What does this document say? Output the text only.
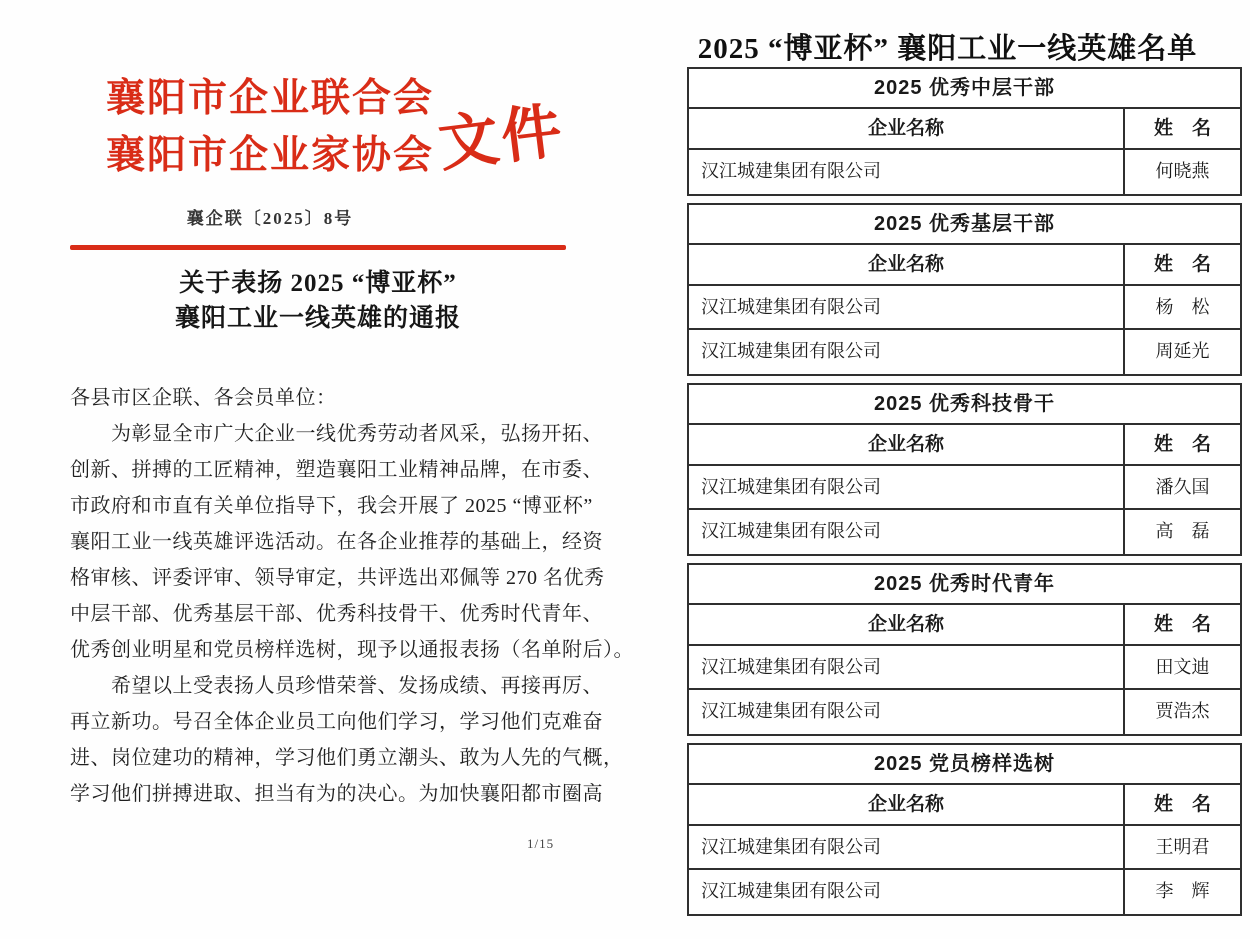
襄阳市企业联合会
襄阳市企业家协会 文件
襄企联〔2025〕8号
关于表扬 2025 “博亚杯”
襄阳工业一线英雄的通报
各县市区企联、各会员单位：
　　为彰显全市广大企业一线优秀劳动者风采，弘扬开拓、
创新、拼搏的工匠精神，塑造襄阳工业精神品牌，在市委、
市政府和市直有关单位指导下，我会开展了 2025 “博亚杯”
襄阳工业一线英雄评选活动。在各企业推荐的基础上，经资
格审核、评委评审、领导审定，共评选出邓佩等 270 名优秀
中层干部、优秀基层干部、优秀科技骨干、优秀时代青年、
优秀创业明星和党员榜样选树，现予以通报表扬（名单附后）。
　　希望以上受表扬人员珍惜荣誉、发扬成绩、再接再厉、
再立新功。号召全体企业员工向他们学习，学习他们克难奋
进、岗位建功的精神，学习他们勇立潮头、敢为人先的气概，
学习他们拼搏进取、担当有为的决心。为加快襄阳都市圈高
1/15
2025 “博亚杯” 襄阳工业一线英雄名单
2025 优秀中层干部
企业名称	姓　名
汉江城建集团有限公司	何晓燕
2025 优秀基层干部
企业名称	姓　名
汉江城建集团有限公司	杨　松
汉江城建集团有限公司	周延光
2025 优秀科技骨干
企业名称	姓　名
汉江城建集团有限公司	潘久国
汉江城建集团有限公司	高　磊
2025 优秀时代青年
企业名称	姓　名
汉江城建集团有限公司	田文迪
汉江城建集团有限公司	贾浩杰
2025 党员榜样选树
企业名称	姓　名
汉江城建集团有限公司	王明君
汉江城建集团有限公司	李　辉
